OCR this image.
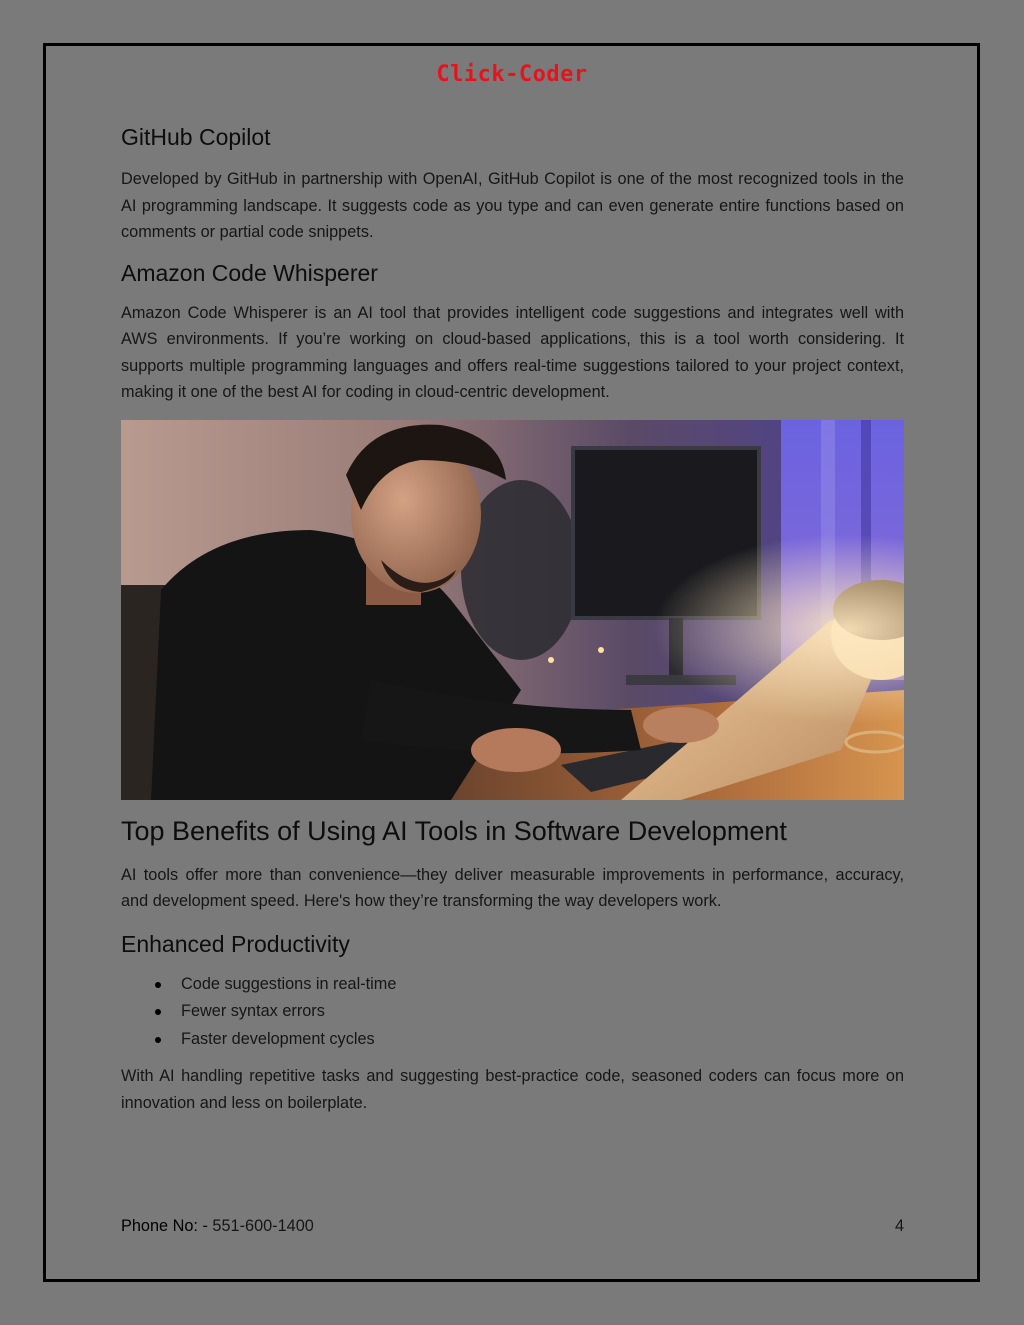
Click-Coder
GitHub Copilot

Developed by GitHub in partnership with OpenAI, GitHub Copilot is one of the most recognized tools in the AI programming landscape. It suggests code as you type and can even generate entire functions based on comments or partial code snippets.

Amazon Code Whisperer

Amazon Code Whisperer is an AI tool that provides intelligent code suggestions and integrates well with AWS environments. If you’re working on cloud-based applications, this is a tool worth considering. It supports multiple programming languages and offers real-time suggestions tailored to your project context, making it one of the best AI for coding in cloud-centric development.

Top Benefits of Using AI Tools in Software Development

AI tools offer more than convenience—they deliver measurable improvements in performance, accuracy, and development speed. Here's how they’re transforming the way developers work.

Enhanced Productivity
Code suggestions in real-time
Fewer syntax errors
Faster development cycles

With AI handling repetitive tasks and suggesting best-practice code, seasoned coders can focus more on innovation and less on boilerplate.

Phone No: - 551-600-1400	4
